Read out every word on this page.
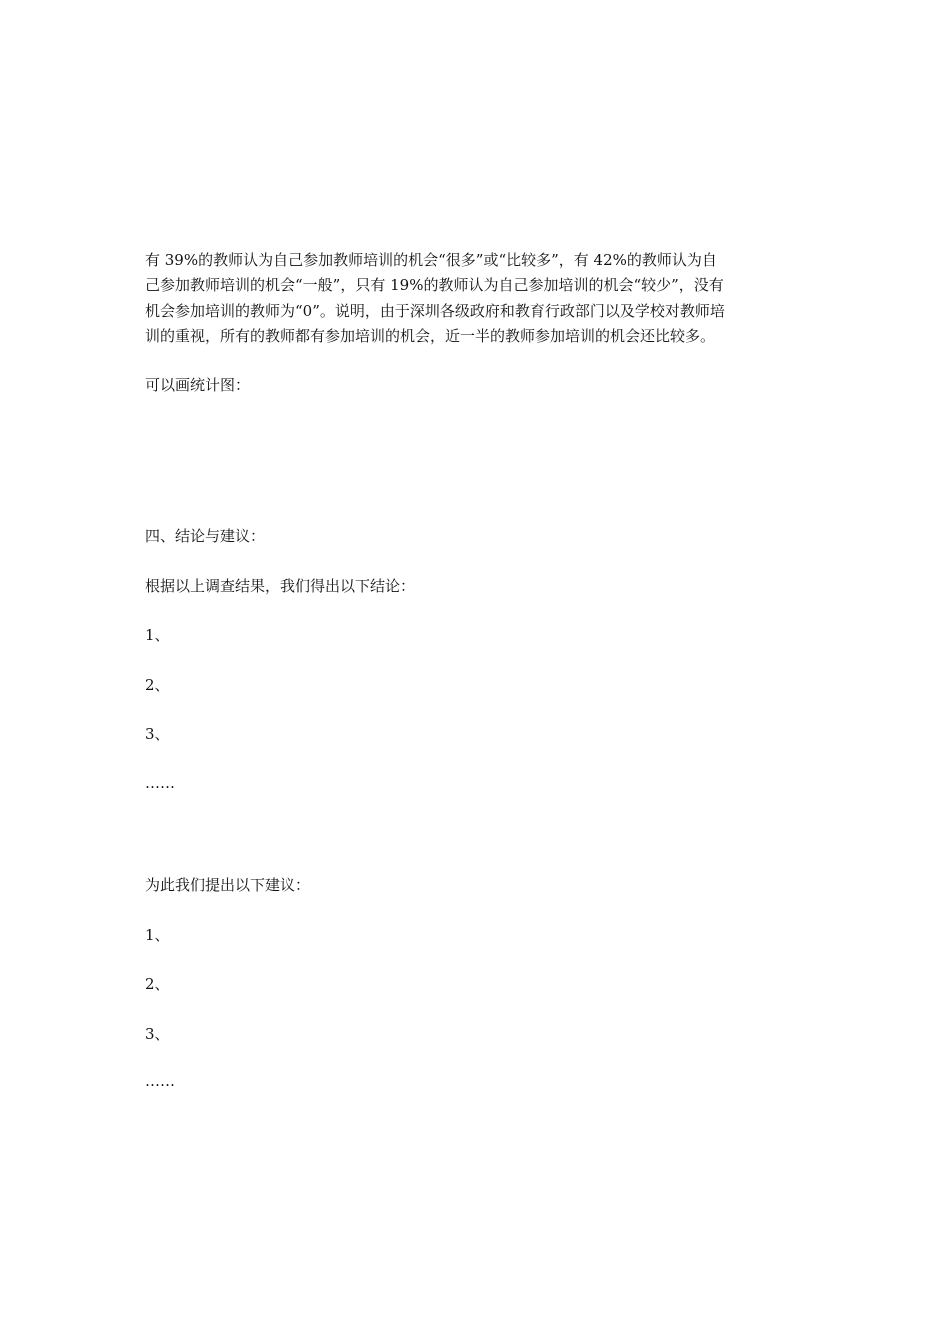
有 39%的教师认为自己参加教师培训的机会“很多”或“比较多”，有 42%的教师认为自
己参加教师培训的机会“一般”，只有 19%的教师认为自己参加培训的机会“较少”，没有
机会参加培训的教师为“0”。说明，由于深圳各级政府和教育行政部门以及学校对教师培
训的重视，所有的教师都有参加培训的机会，近一半的教师参加培训的机会还比较多。
可以画统计图：
四、结论与建议：
根据以上调查结果，我们得出以下结论：
1、
2、
3、
……
为此我们提出以下建议：
1、
2、
3、
……
